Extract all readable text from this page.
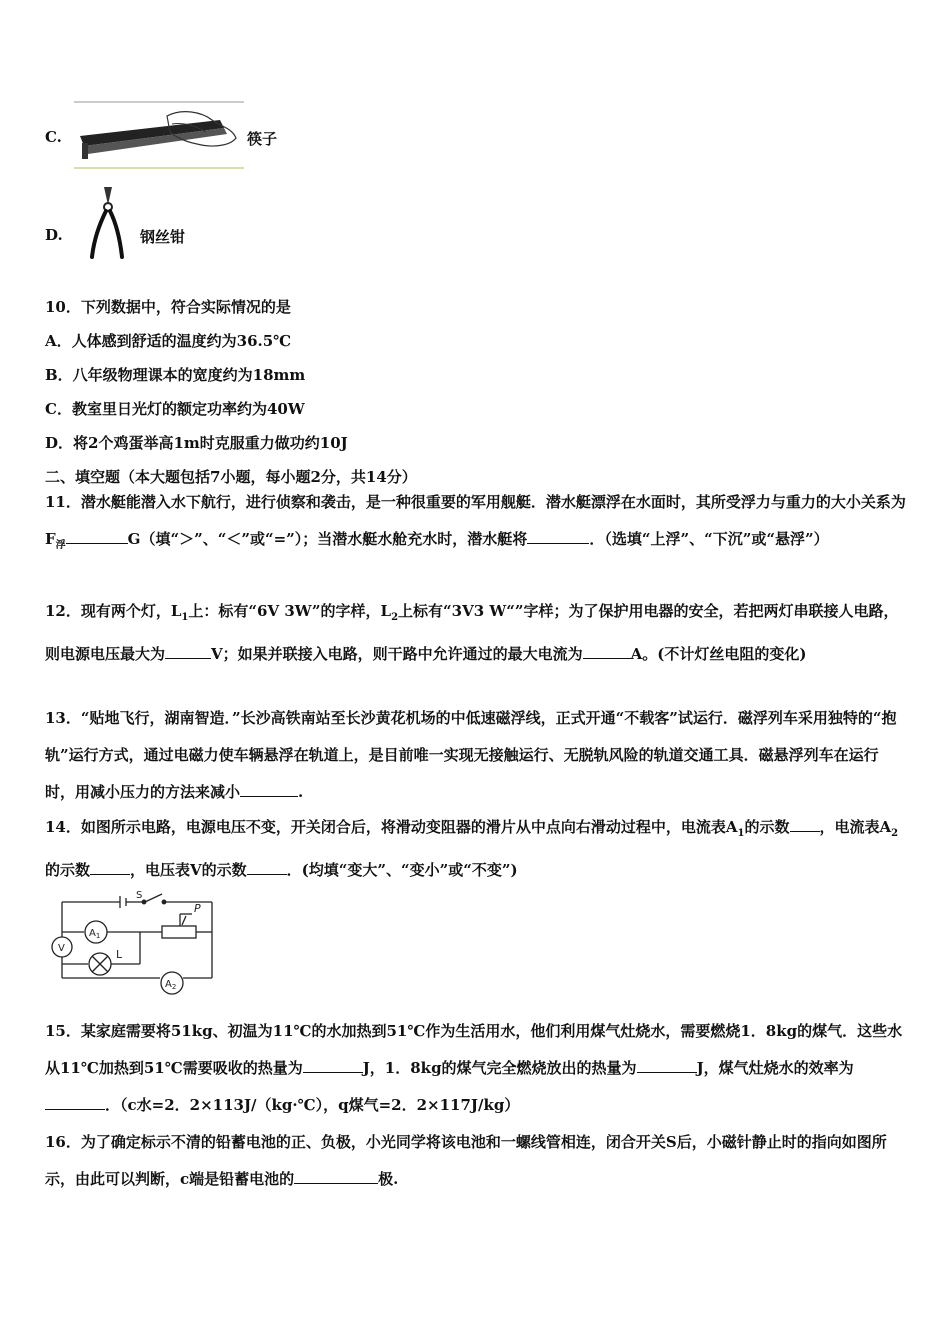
C.	筷子
D.	钢丝钳
10．下列数据中，符合实际情况的是
A．人体感到舒适的温度约为36.5℃
B．八年级物理课本的宽度约为18mm
C．教室里日光灯的额定功率约为40W
D．将2个鸡蛋举高1m时克服重力做功约10J
二、填空题（本大题包括7小题，每小题2分，共14分）
11．潜水艇能潜入水下航行，进行侦察和袭击，是一种很重要的军用舰艇．潜水艇漂浮在水面时，其所受浮力与重力的大小关系为$F_浮$	G（填“＞”、“＜”或“=”）；当潜水艇水舱充水时，潜水艇将	．（选填“上浮”、“下沉”或“悬浮”）
12．现有两个灯，$L_1$上：标有“6V 3W”的字样，$L_2$上标有“3V3 W“”字样；为了保护用电器的安全，若把两灯串联接人电路，则电源电压最大为	V；如果并联接入电路，则干路中允许通过的最大电流为	A。(不计灯丝电阻的变化)
13．“贴地飞行，湖南智造．”长沙高铁南站至长沙黄花机场的中低速磁浮线，正式开通“不载客”试运行．磁浮列车采用独特的“抱轨”运行方式，通过电磁力使车辆悬浮在轨道上，是目前唯一实现无接触运行、无脱轨风险的轨道交通工具．磁悬浮列车在运行时，用减小压力的方法来减小	.
14．如图所示电路，电源电压不变，开关闭合后，将滑动变阻器的滑片从中点向右滑动过程中，电流表$A_1$的示数 ，电流表$A_2$的示数	，电压表V的示数	．(均填“变大”、“变小”或“不变”)
S
P
L
$A_1$
$A_2$
V
15．某家庭需要将51kg、初温为11℃的水加热到51℃作为生活用水，他们利用煤气灶烧水，需要燃烧1．8kg的煤气．这些水从11℃加热到51℃需要吸收的热量为	J，1．8kg的煤气完全燃烧放出的热量为	J，煤气灶烧水的效率为．（c水=2．2×113J/（kg·℃），q煤气=2．2×117J/kg）
16．为了确定标示不清的铅蓄电池的正、负极，小光同学将该电池和一螺线管相连，闭合开关S后，小磁针静止时的指向如图所示，由此可以判断，c端是铅蓄电池的	极.
